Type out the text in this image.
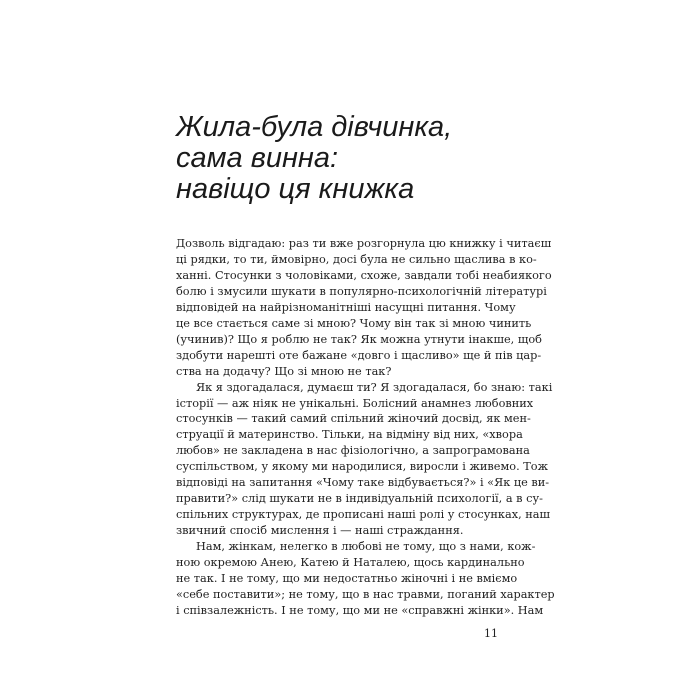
Жила-була дівчинка,
сама винна:
навіщо ця книжка
Дозволь відгадаю: раз ти вже розгорнула цю книжку і читаєш
ці рядки, то ти, ймовірно, досі була не сильно щаслива в ко-
ханні. Стосунки з чоловіками, схоже, завдали тобі неабиякого
болю і змусили шукати в популярно-психологічній літературі
відповідей на найрізноманітніші насущні питання. Чому
це все стається саме зі мною? Чому він так зі мною чинить
(учинив)? Що я роблю не так? Як можна утнути інакше, щоб
здобути нарешті оте бажане «довго і щасливо» ще й пів цар-
ства на додачу? Що зі мною не так?
Як я здогадалася, думаєш ти? Я здогадалася, бо знаю: такі
історії — аж ніяк не унікальні. Болісний анамнез любовних
стосунків — такий самий спільний жіночий досвід, як мен-
струації й материнство. Тільки, на відміну від них, «хвора
любов» не закладена в нас фізіологічно, а запрограмована
суспільством, у якому ми народилися, виросли і живемо. Тож
відповіді на запитання «Чому таке відбувається?» і «Як це ви-
правити?» слід шукати не в індивідуальній психології, а в су-
спільних структурах, де прописані наші ролі у стосунках, наш
звичний спосіб мислення і — наші страждання.
Нам, жінкам, нелегко в любові не тому, що з нами, кож-
ною окремою Анею, Катею й Наталею, щось кардинально
не так. І не тому, що ми недостатньо жіночні і не вміємо
«себе поставити»; не тому, що в нас травми, поганий характер
і співзалежність. І не тому, що ми не «справжні жінки». Нам
11
